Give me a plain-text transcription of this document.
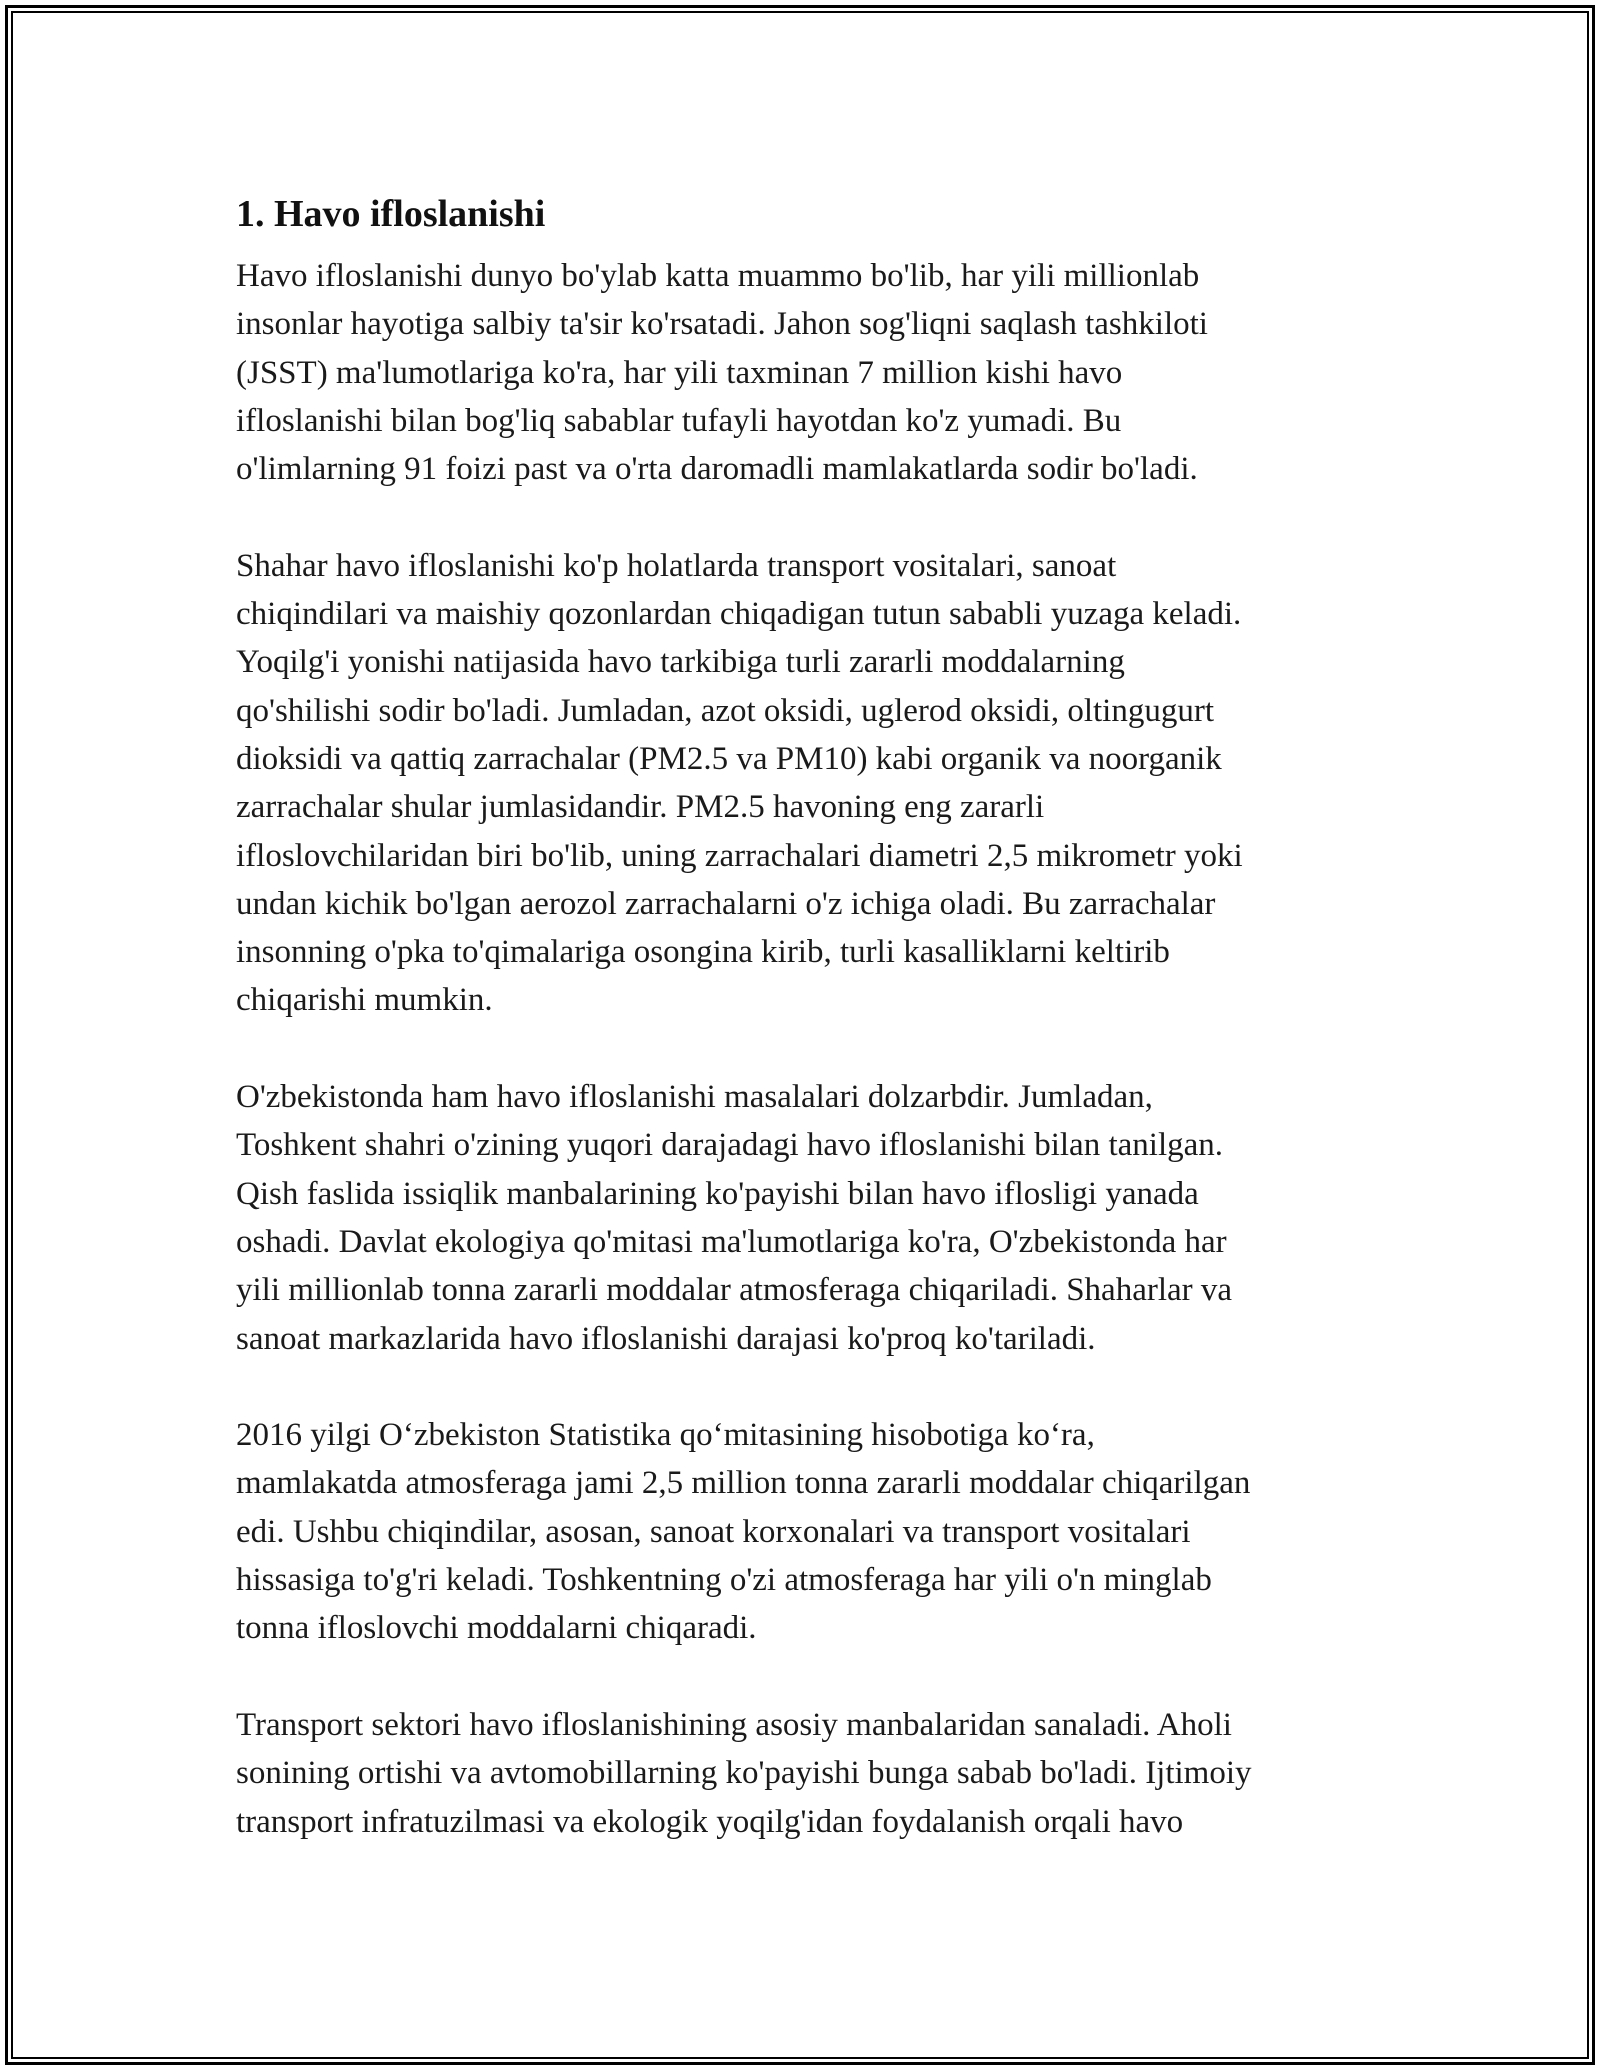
1. Havo ifloslanishi

Havo ifloslanishi dunyo bo'ylab katta muammo bo'lib, har yili millionlab
insonlar hayotiga salbiy ta'sir ko'rsatadi. Jahon sog'liqni saqlash tashkiloti
(JSST) ma'lumotlariga ko'ra, har yili taxminan 7 million kishi havo
ifloslanishi bilan bog'liq sabablar tufayli hayotdan ko'z yumadi. Bu
o'limlarning 91 foizi past va o'rta daromadli mamlakatlarda sodir bo'ladi.

Shahar havo ifloslanishi ko'p holatlarda transport vositalari, sanoat
chiqindilari va maishiy qozonlardan chiqadigan tutun sababli yuzaga keladi.
Yoqilg'i yonishi natijasida havo tarkibiga turli zararli moddalarning
qo'shilishi sodir bo'ladi. Jumladan, azot oksidi, uglerod oksidi, oltingugurt
dioksidi va qattiq zarrachalar (PM2.5 va PM10) kabi organik va noorganik
zarrachalar shular jumlasidandir. PM2.5 havoning eng zararli
ifloslovchilaridan biri bo'lib, uning zarrachalari diametri 2,5 mikrometr yoki
undan kichik bo'lgan aerozol zarrachalarni o'z ichiga oladi. Bu zarrachalar
insonning o'pka to'qimalariga osongina kirib, turli kasalliklarni keltirib
chiqarishi mumkin.

O'zbekistonda ham havo ifloslanishi masalalari dolzarbdir. Jumladan,
Toshkent shahri o'zining yuqori darajadagi havo ifloslanishi bilan tanilgan.
Qish faslida issiqlik manbalarining ko'payishi bilan havo iflosligi yanada
oshadi. Davlat ekologiya qo'mitasi ma'lumotlariga ko'ra, O'zbekistonda har
yili millionlab tonna zararli moddalar atmosferaga chiqariladi. Shaharlar va
sanoat markazlarida havo ifloslanishi darajasi ko'proq ko'tariladi.

2016 yilgi O‘zbekiston Statistika qo‘mitasining hisobotiga ko‘ra,
mamlakatda atmosferaga jami 2,5 million tonna zararli moddalar chiqarilgan
edi. Ushbu chiqindilar, asosan, sanoat korxonalari va transport vositalari
hissasiga to'g'ri keladi. Toshkentning o'zi atmosferaga har yili o'n minglab
tonna ifloslovchi moddalarni chiqaradi.

Transport sektori havo ifloslanishining asosiy manbalaridan sanaladi. Aholi
sonining ortishi va avtomobillarning ko'payishi bunga sabab bo'ladi. Ijtimoiy
transport infratuzilmasi va ekologik yoqilg'idan foydalanish orqali havo
